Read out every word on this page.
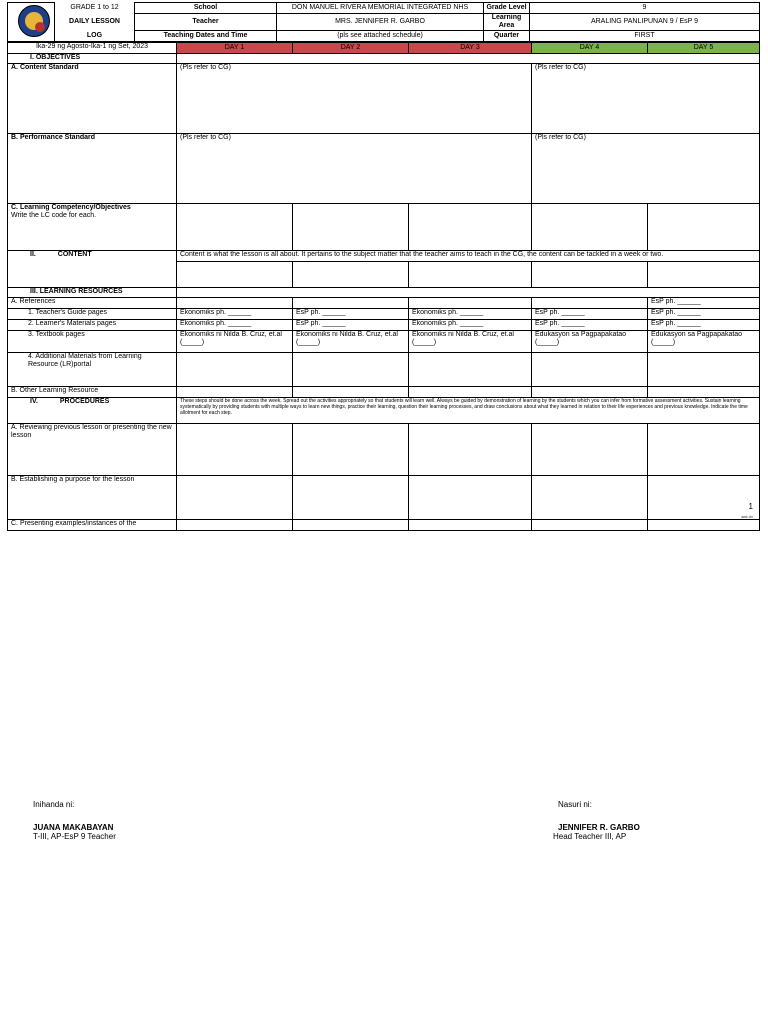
	GRADE 1 to 12	School	DON MANUEL RIVERA MEMORIAL INTEGRATED NHS	Grade Level	9
	DAILY LESSON	Teacher	MRS. JENNIFER R. GARBO	Learning Area	ARALING PANLIPUNAN 9 / EsP 9
	LOG	Teaching Dates and Time	(pls see attached schedule)	Quarter	FIRST
Ika-29 ng Agosto-Ika-1 ng Set, 2023	DAY 1	DAY 2	DAY 3	DAY 4	DAY 5
I. OBJECTIVES					
A. Content Standard	(Pls refer to CG)			(Pls refer to CG)	
B. Performance Standard	(Pls refer to CG)			(Pls refer to CG)	

C. Learning Competency/Objectives
Write the LC code for each.					

II. CONTENT	Content is what the lesson is all about. It pertains to the subject matter that the teacher aims to teach in the CG, the content can be tackled in a week or two.				

III. LEARNING RESOURCES					
A. References					EsP ph. ______
1. Teacher's Guide pages	Ekonomiks ph. ______	EsP ph. ______	Ekonomiks ph. ______	EsP ph. ______	EsP ph. ______
2. Learner's Materials pages	Ekonomiks ph. ______	EsP ph. ______	Ekonomiks ph. ______	EsP ph. ______	EsP ph. ______
3. Textbook pages	Ekonomiks ni Nilda B. Cruz, et.al (_____)	Ekonomiks ni Nilda B. Cruz, et.al (_____)	Ekonomiks ni Nilda B. Cruz, et.al (_____)	Edukasyon sa Pagpapakatao (_____)	Edukasyon sa Pagpapakatao (_____)
4. Additional Materials from Learning Resource (LR)portal					
B. Other Learning Resource					
IV. PROCEDURES	These steps should be done across the week. Spread out the activities appropriately so that students will learn well. Always be guided by demonstration of learning by the students which you can infer from formative assessment activities. Sustain learning systematically by providing students with multiple ways to learn new things, practice their learning, question their learning processes, and draw conclusions about what they learned in relation to their life experiences and previous knowledge. Indicate the time allotment for each step.				
A. Reviewing previous lesson or presenting the new lesson					
B. Establishing a purpose for the lesson					1
aak.dv

C. Presenting examples/instances of the					
Inihanda ni:
JUANA MAKABAYAN
T-III, AP-EsP 9 Teacher
Nasuri ni:
JENNIFER R. GARBO
Head Teacher III, AP
